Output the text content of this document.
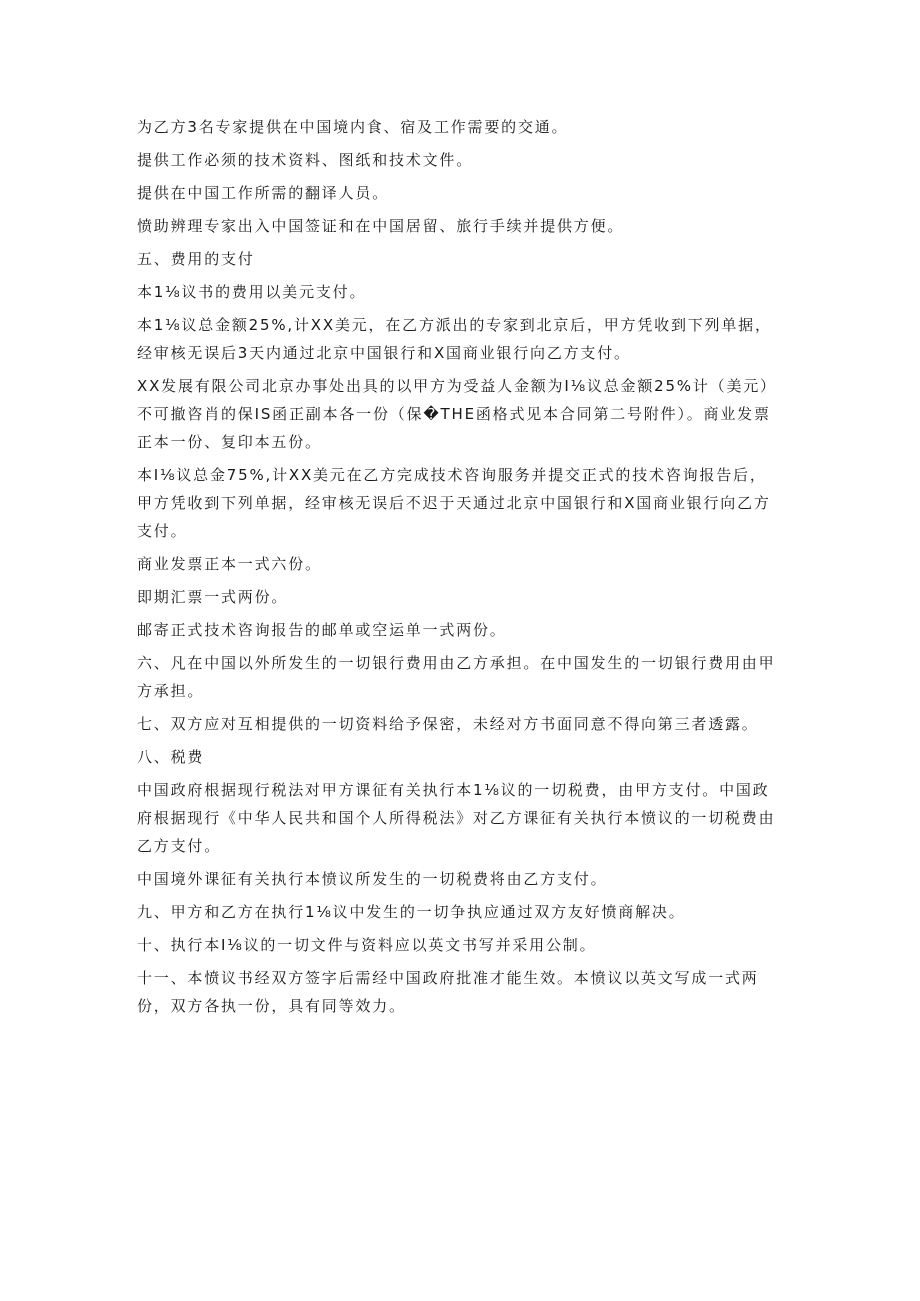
为乙方3名专家提供在中国境内食、宿及工作需要的交通。

提供工作必须的技术资料、图纸和技术文件。

提供在中国工作所需的翻译人员。

愤助辨理专家出入中国签证和在中国居留、旅行手续并提供方便。

五、费用的支付

本1⅛议书的费用以美元支付。

本1⅛议总金额25%,计XX美元，在乙方派出的专家到北京后，甲方凭收到下列单据，经审核无误后3天内通过北京中国银行和X国商业银行向乙方支付。

XX发展有限公司北京办事处出具的以甲方为受益人金额为I⅛议总金额25%计（美元）不可撤咨肖的保IS函正副本各一份（保�THE函格式见本合同第二号附件）。商业发票正本一份、复印本五份。

本I⅛议总金75%,计XX美元在乙方完成技术咨询服务并提交正式的技术咨询报告后，甲方凭收到下列单据，经审核无误后不迟于天通过北京中国银行和X国商业银行向乙方支付。

商业发票正本一式六份。

即期汇票一式两份。

邮寄正式技术咨询报告的邮单或空运单一式两份。

六、凡在中国以外所发生的一切银行费用由乙方承担。在中国发生的一切银行费用由甲方承担。

七、双方应对互相提供的一切资料给予保密，未经对方书面同意不得向第三者透露。

八、税费

中国政府根据现行税法对甲方课征有关执行本1⅛议的一切税费，由甲方支付。中国政府根据现行《中华人民共和国个人所得税法》对乙方课征有关执行本愤议的一切税费由乙方支付。

中国境外课征有关执行本愤议所发生的一切税费将由乙方支付。

九、甲方和乙方在执行1⅛议中发生的一切争执应通过双方友好愤商解决。

十、执行本I⅛议的一切文件与资料应以英文书写并采用公制。

十一、本愤议书经双方签字后需经中国政府批准才能生效。本愤议以英文写成一式两份，双方各执一份，具有同等效力。
